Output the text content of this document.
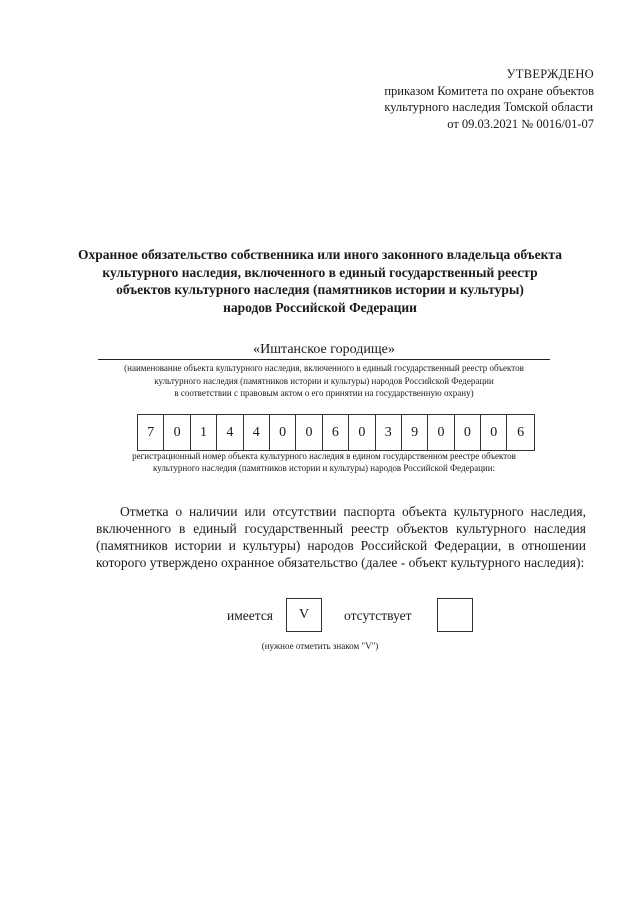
УТВЕРЖДЕНО
приказом Комитета по охране объектов
культурного наследия Томской области
от 09.03.2021 № 0016/01-07
Охранное обязательство собственника или иного законного владельца объекта
культурного наследия, включенного в единый государственный реестр
объектов культурного наследия (памятников истории и культуры)
народов Российской Федерации
«Иштанское городище»
(наименование объекта культурного наследия, включенного в единый государственный реестр объектов
культурного наследия (памятников истории и культуры) народов Российской Федерации
в соответствии с правовым актом о его принятии на государственную охрану)
7	0	1	4	4	0	0	6	0	3	9	0	0	0	6
регистрационный номер объекта культурного наследия в едином государственном реестре объектов
культурного наследия (памятников истории и культуры) народов Российской Федерации:
Отметка о наличии или отсутствии паспорта объекта культурного наследия, включенного в единый государственный реестр объектов культурного наследия (памятников истории и культуры) народов Российской Федерации, в отношении которого утверждено охранное обязательство (далее - объект культурного наследия):
имеется	V	отсутствует
(нужное отметить знаком "V")
